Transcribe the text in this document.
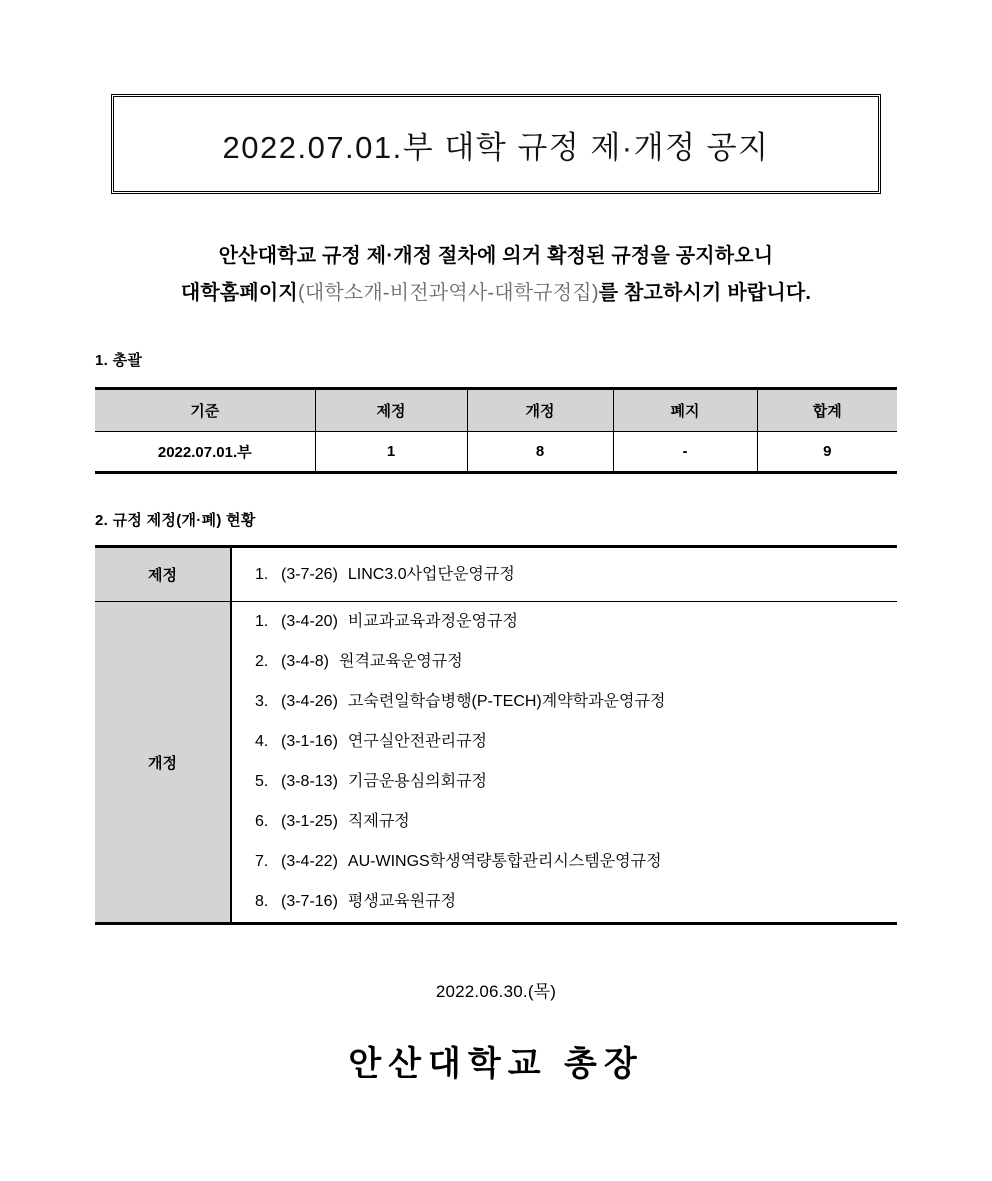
2022.07.01.부 대학 규정 제·개정 공지
안산대학교 규정 제·개정 절차에 의거 확정된 규정을 공지하오니
대학홈페이지(대학소개-비전과역사-대학규정집)를 참고하시기 바랍니다.
1. 총괄
기준	제정	개정	폐지	합계
2022.07.01.부	1	8	-	9
2. 규정 제정(개·폐) 현황
제정	1. (3-7-26) LINC3.0사업단운영규정

개정	
1. (3-4-20) 비교과교육과정운영규정
2. (3-4-8) 원격교육운영규정
3. (3-4-26) 고숙련일학습병행(P-TECH)계약학과운영규정
4. (3-1-16) 연구실안전관리규정
5. (3-8-13) 기금운용심의회규정
6. (3-1-25) 직제규정
7. (3-4-22) AU-WINGS학생역량통합관리시스템운영규정
8. (3-7-16) 평생교육원규정
2022.06.30.(목)
안산대학교 총장
